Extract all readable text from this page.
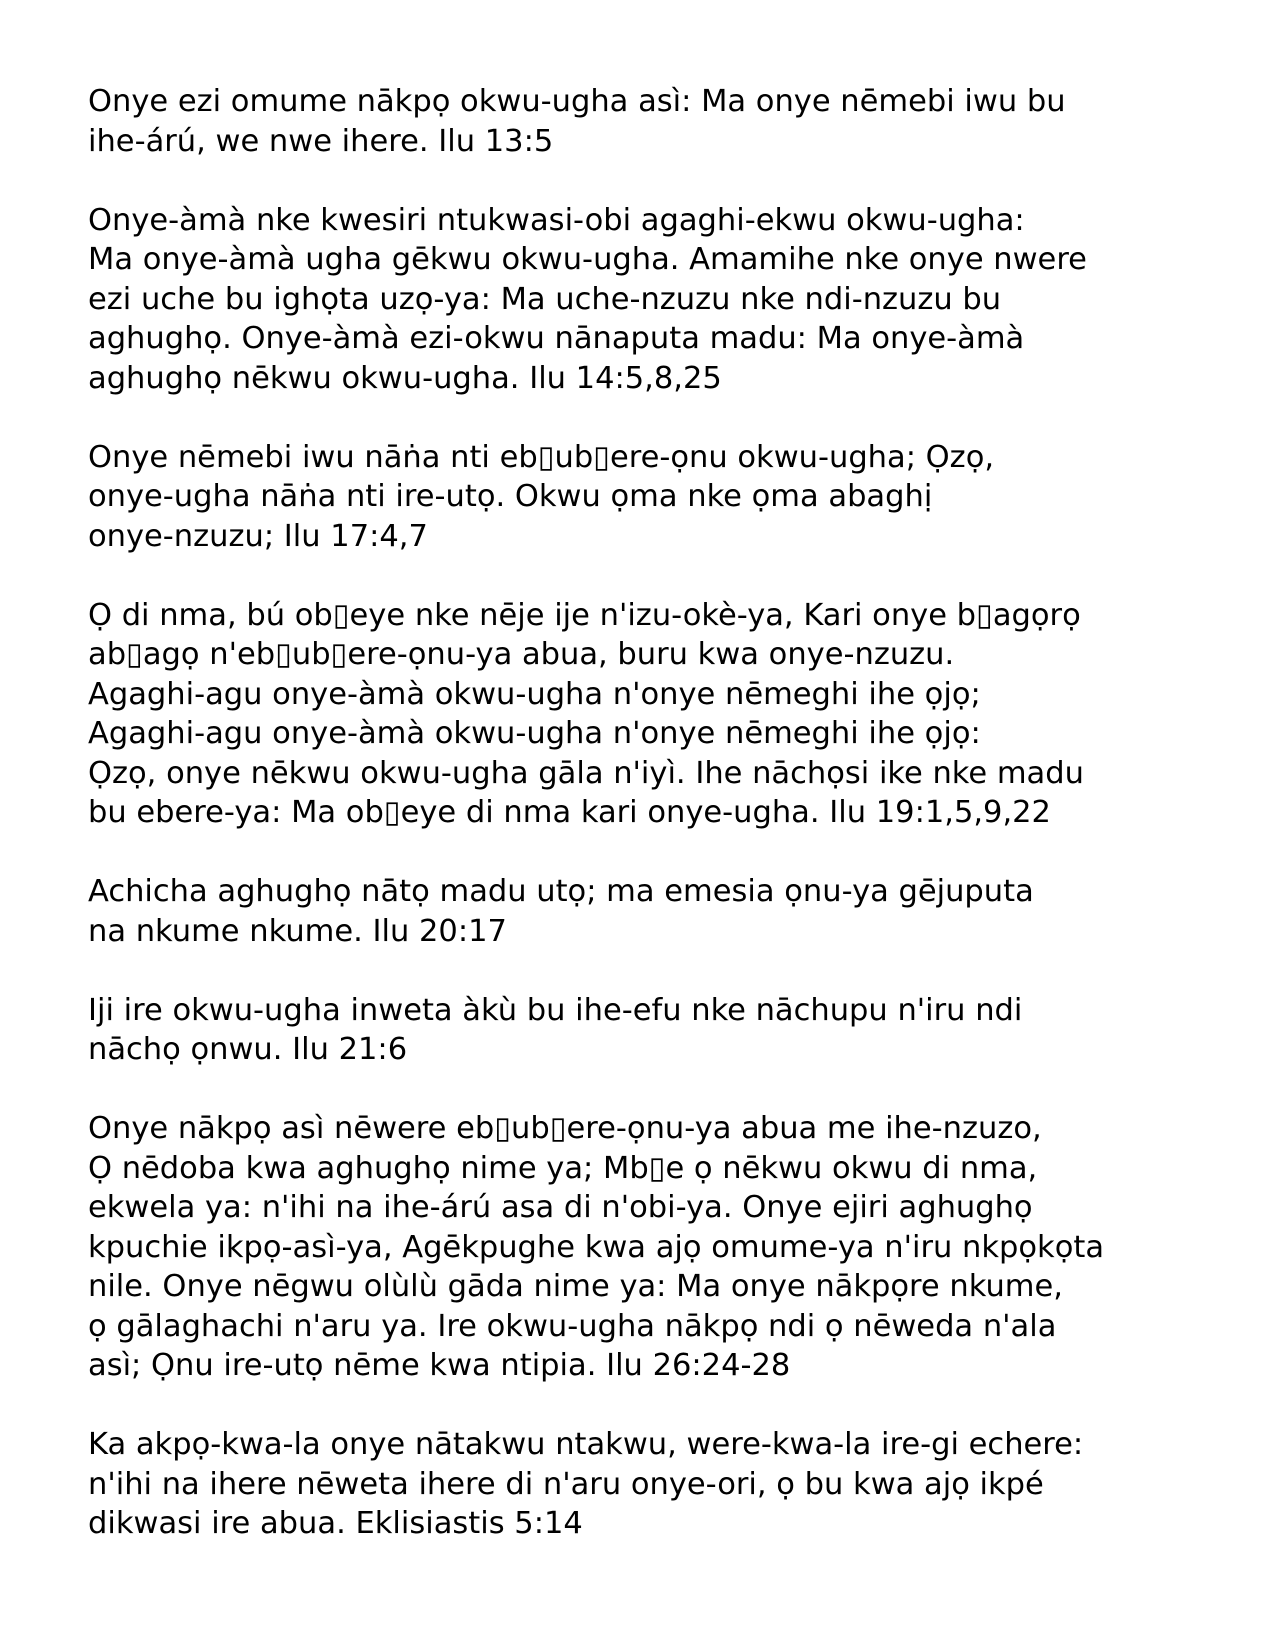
Onye ezi omume nākpọ okwu-ugha asì: Ma onye nēmebi iwu bu
ihe-árú, we nwe ihere. Ilu 13:5
Onye-àmà nke kwesiri ntukwasi-obi agaghi-ekwu okwu-ugha:
Ma onye-àmà ugha gēkwu okwu-ugha. Amamihe nke onye nwere
ezi uche bu ighọta uzọ-ya: Ma uche-nzuzu nke ndi-nzuzu bu
aghughọ. Onye-àmà ezi-okwu nānaputa madu: Ma onye-àmà
aghughọ nēkwu okwu-ugha. Ilu 14:5,8,25
Onye nēmebi iwu nāṅa nti eb▯ub▯ere-ọnu okwu-ugha; Ọzọ,
onye-ugha nāṅa nti ire-utọ. Okwu ọma nke ọma abaghị
onye-nzuzu; Ilu 17:4,7
Ọ di nma, bú ob▯eye nke nēje ije n'izu-okè-ya, Kari onye b▯agọrọ
ab▯agọ n'eb▯ub▯ere-ọnu-ya abua, buru kwa onye-nzuzu.
Agaghi-agu onye-àmà okwu-ugha n'onye nēmeghi ihe ọjọ;
Agaghi-agu onye-àmà okwu-ugha n'onye nēmeghi ihe ọjọ:
Ọzọ, onye nēkwu okwu-ugha gāla n'iyì. Ihe nāchọsi ike nke madu
bu ebere-ya: Ma ob▯eye di nma kari onye-ugha. Ilu 19:1,5,9,22
Achicha aghughọ nātọ madu utọ; ma emesia ọnu-ya gējuputa
na nkume nkume. Ilu 20:17
Iji ire okwu-ugha inweta àkù bu ihe-efu nke nāchupu n'iru ndi
nāchọ ọnwu. Ilu 21:6
Onye nākpọ asì nēwere eb▯ub▯ere-ọnu-ya abua me ihe-nzuzo,
Ọ nēdoba kwa aghughọ nime ya; Mb▯e ọ nēkwu okwu di nma,
ekwela ya: n'ihi na ihe-árú asa di n'obi-ya. Onye ejiri aghughọ
kpuchie ikpọ-asì-ya, Agēkpughe kwa ajọ omume-ya n'iru nkpọkọta
nile. Onye nēgwu olùlù gāda nime ya: Ma onye nākpọre nkume,
ọ gālaghachi n'aru ya. Ire okwu-ugha nākpọ ndi ọ nēweda n'ala
asì; Ọnu ire-utọ nēme kwa ntipia. Ilu 26:24-28
Ka akpọ-kwa-la onye nātakwu ntakwu, were-kwa-la ire-gi echere:
n'ihi na ihere nēweta ihere di n'aru onye-ori, ọ bu kwa ajọ ikpé
dikwasi ire abua. Eklisiastis 5:14
